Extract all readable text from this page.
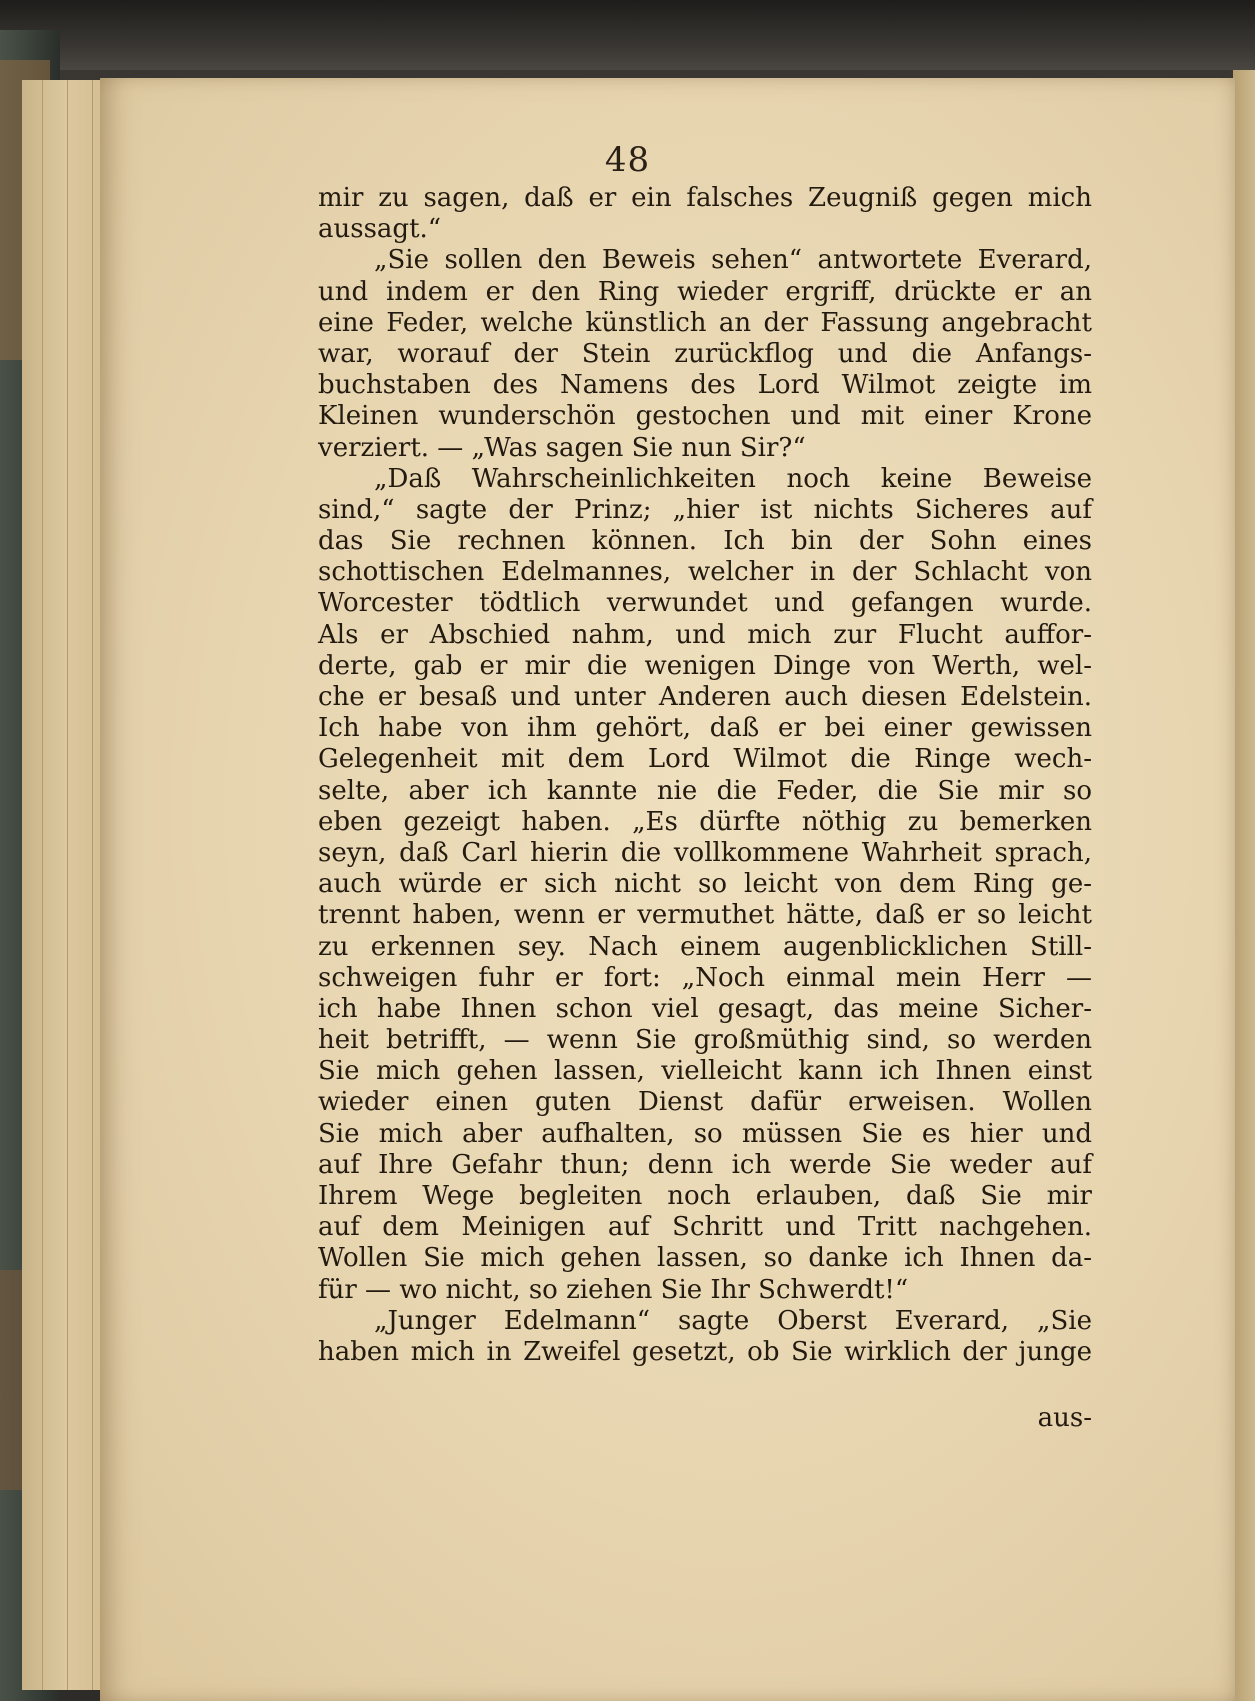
48
mir zu sagen, daß er ein falsches Zeugniß gegen mich
aussagt.“
„Sie sollen den Beweis sehen“ antwortete Everard,
und indem er den Ring wieder ergriff, drückte er an
eine Feder, welche künstlich an der Fassung angebracht
war, worauf der Stein zurückflog und die Anfangs-
buchstaben des Namens des Lord Wilmot zeigte im
Kleinen wunderschön gestochen und mit einer Krone
verziert. — „Was sagen Sie nun Sir?“
„Daß Wahrscheinlichkeiten noch keine Beweise
sind,“ sagte der Prinz; „hier ist nichts Sicheres auf
das Sie rechnen können. Ich bin der Sohn eines
schottischen Edelmannes, welcher in der Schlacht von
Worcester tödtlich verwundet und gefangen wurde.
Als er Abschied nahm, und mich zur Flucht auffor-
derte, gab er mir die wenigen Dinge von Werth, wel-
che er besaß und unter Anderen auch diesen Edelstein.
Ich habe von ihm gehört, daß er bei einer gewissen
Gelegenheit mit dem Lord Wilmot die Ringe wech-
selte, aber ich kannte nie die Feder, die Sie mir so
eben gezeigt haben. „Es dürfte nöthig zu bemerken
seyn, daß Carl hierin die vollkommene Wahrheit sprach,
auch würde er sich nicht so leicht von dem Ring ge-
trennt haben, wenn er vermuthet hätte, daß er so leicht
zu erkennen sey. Nach einem augenblicklichen Still-
schweigen fuhr er fort: „Noch einmal mein Herr —
ich habe Ihnen schon viel gesagt, das meine Sicher-
heit betrifft, — wenn Sie großmüthig sind, so werden
Sie mich gehen lassen, vielleicht kann ich Ihnen einst
wieder einen guten Dienst dafür erweisen. Wollen
Sie mich aber aufhalten, so müssen Sie es hier und
auf Ihre Gefahr thun; denn ich werde Sie weder auf
Ihrem Wege begleiten noch erlauben, daß Sie mir
auf dem Meinigen auf Schritt und Tritt nachgehen.
Wollen Sie mich gehen lassen, so danke ich Ihnen da-
für — wo nicht, so ziehen Sie Ihr Schwerdt!“
„Junger Edelmann“ sagte Oberst Everard, „Sie
haben mich in Zweifel gesetzt, ob Sie wirklich der junge
aus-
